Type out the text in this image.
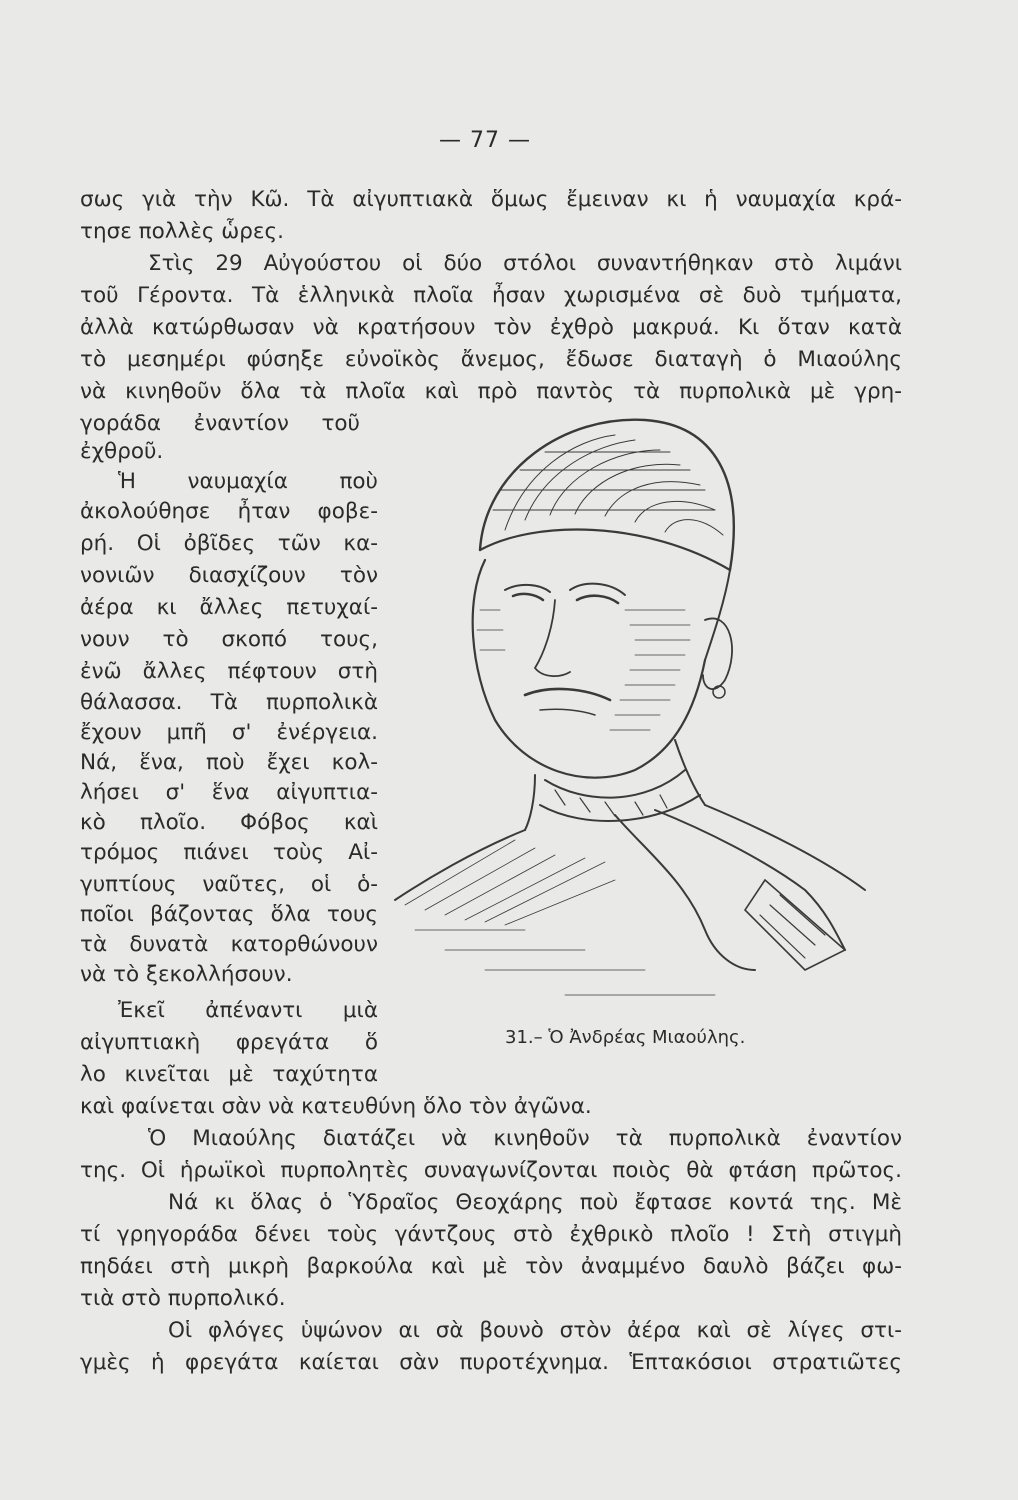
— 77 —
σως γιὰ τὴν Κῶ. Τὰ αἰγυπτιακὰ ὅμως ἔμειναν κι ἡ ναυμαχία κρά-
τησε πολλὲς ὧρες.
Στὶς 29 Αὐγούστου οἱ δύο στόλοι συναντήθηκαν στὸ λιμάνι
τοῦ Γέροντα. Τὰ ἑλληνικὰ πλοῖα ἦσαν χωρισμένα σὲ δυὸ τμήματα,
ἀλλὰ κατώρθωσαν νὰ κρατήσουν τὸν ἐχθρὸ μακρυά. Κι ὅταν κατὰ
τὸ μεσημέρι φύσηξε εὐνοϊκὸς ἄνεμος, ἔδωσε διαταγὴ ὁ Μιαούλης
νὰ κινηθοῦν ὅλα τὰ πλοῖα καὶ πρὸ παντὸς τὰ πυρπολικὰ μὲ γρη-
γοράδα ἐναντίον τοῦ
ἐχθροῦ.
Ἡ ναυμαχία ποὺ
ἀκολούθησε ἦταν φοβε-
ρή. Οἱ ὀβῖδες τῶν κα-
νονιῶν διασχίζουν τὸν
ἀέρα κι ἄλλες πετυχαί-
νουν τὸ σκοπό τους,
ἐνῶ ἄλλες πέφτουν στὴ
θάλασσα. Τὰ πυρπολικὰ
ἔχουν μπῆ σ' ἐνέργεια.
Νά, ἕνα, ποὺ ἔχει κολ-
λήσει σ' ἕνα αἰγυπτια-
κὸ πλοῖο. Φόβος καὶ
τρόμος πιάνει τοὺς Αἰ-
γυπτίους ναῦτες, οἱ ὁ-
ποῖοι βάζοντας ὅλα τους
τὰ δυνατὰ κατορθώνουν
νὰ τὸ ξεκολλήσουν.
Ἐκεῖ ἀπέναντι μιὰ
αἰγυπτιακὴ φρεγάτα ὅ
λο κινεῖται μὲ ταχύτητα
καὶ φαίνεται σὰν νὰ κατευθύνη ὅλο τὸν ἀγῶνα.
Ὁ Μιαούλης διατάζει νὰ κινηθοῦν τὰ πυρπολικὰ ἐναντίον
της. Οἱ ἡρωϊκοὶ πυρπολητὲς συναγωνίζονται ποιὸς θὰ φτάση πρῶτος.
Νά κι ὅλας ὁ Ὑδραῖος Θεοχάρης ποὺ ἔφτασε κοντά της. Μὲ
τί γρηγοράδα δένει τοὺς γάντζους στὸ ἐχθρικὸ πλοῖο ! Στὴ στιγμὴ
πηδάει στὴ μικρὴ βαρκούλα καὶ μὲ τὸν ἀναμμένο δαυλὸ βάζει φω-
τιὰ στὸ πυρπολικό.
Οἱ φλόγες ὑψώνον αι σὰ βουνὸ στὸν ἀέρα καὶ σὲ λίγες στι-
γμὲς ἡ φρεγάτα καίεται σὰν πυροτέχνημα. Ἑπτακόσιοι στρατιῶτες
31.– Ὁ Ἀνδρέας Μιαούλης.
